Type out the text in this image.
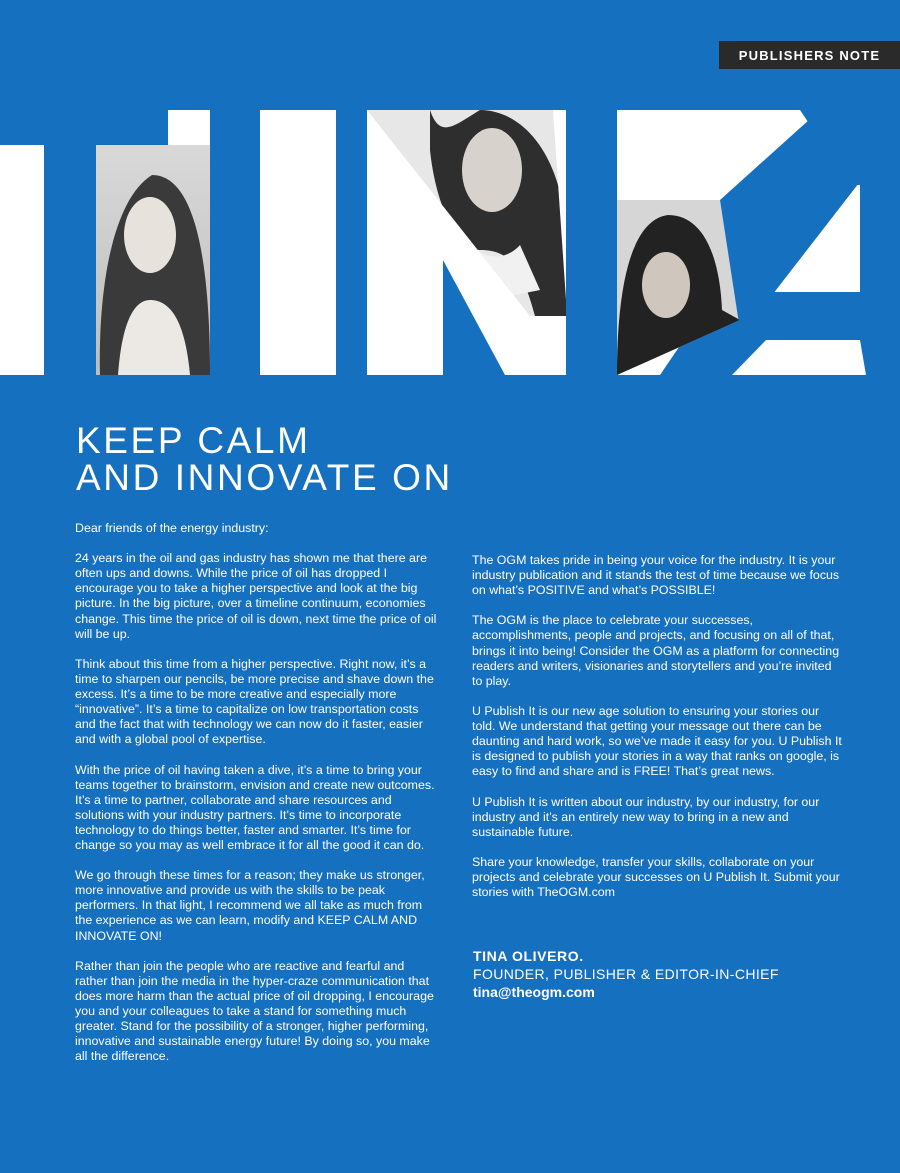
PUBLISHERS NOTE
KEEP CALM
AND INNOVATE ON

Dear friends of the energy industry:

24 years in the oil and gas industry has shown me that there are often ups and downs. While the price of oil has dropped I encourage you to take a higher perspective and look at the big picture. In the big picture, over a timeline continuum, economies change. This time the price of oil is down, next time the price of oil will be up.

Think about this time from a higher perspective. Right now, it’s a time to sharpen our pencils, be more precise and shave down the excess. It’s a time to be more creative and especially more “innovative”. It’s a time to capitalize on low transportation costs and the fact that with technology we can now do it faster, easier and with a global pool of expertise.

With the price of oil having taken a dive, it’s a time to bring your teams together to brainstorm, envision and create new outcomes. It’s a time to partner, collaborate and share resources and solutions with your industry partners. It’s time to incorporate technology to do things better, faster and smarter. It’s time for change so you may as well embrace it for all the good it can do.

We go through these times for a reason; they make us stronger, more innovative and provide us with the skills to be peak performers. In that light, I recommend we all take as much from the experience as we can learn, modify and KEEP CALM AND INNOVATE ON!

Rather than join the people who are reactive and fearful and rather than join the media in the hyper-craze communication that does more harm than the actual price of oil dropping, I encourage you and your colleagues to take a stand for something much greater. Stand for the possibility of a stronger, higher performing, innovative and sustainable energy future! By doing so, you make all the difference.

The OGM takes pride in being your voice for the industry. It is your industry publication and it stands the test of time because we focus on what’s POSITIVE and what’s POSSIBLE!

The OGM is the place to celebrate your successes, accomplishments, people and projects, and focusing on all of that, brings it into being! Consider the OGM as a platform for connecting readers and writers, visionaries and storytellers and you’re invited to play.

U Publish It is our new age solution to ensuring your stories our told. We understand that getting your message out there can be daunting and hard work, so we’ve made it easy for you. U Publish It is designed to publish your stories in a way that ranks on google, is easy to find and share and is FREE! That’s great news.

U Publish It is written about our industry, by our industry, for our industry and it’s an entirely new way to bring in a new and sustainable future.

Share your knowledge, transfer your skills, collaborate on your projects and celebrate your successes on U Publish It. Submit your stories with TheOGM.com

TINA OLIVERO.
FOUNDER, PUBLISHER & EDITOR-IN-CHIEF
tina@theogm.com
